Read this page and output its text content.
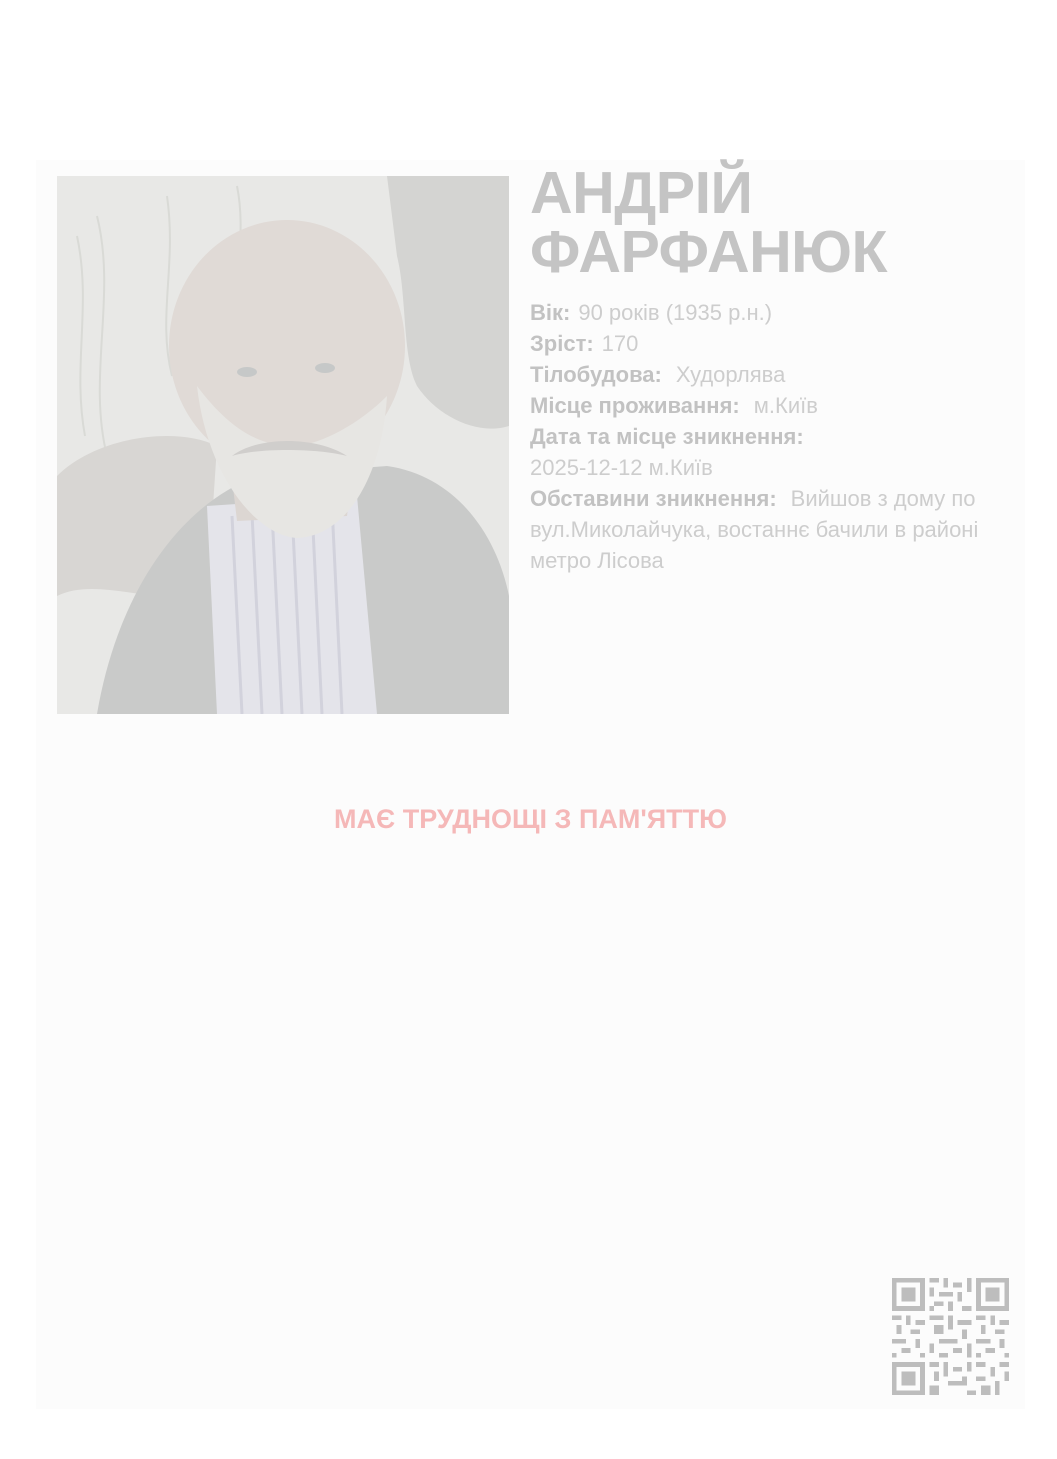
АНДРІЙ
ФАРФАНЮК

Вік: 90 років (1935 р.н.)

Зріст: 170

Тілобудова: Худорлява

Місце проживання: м.Київ

Дата та місце зникнення:
2025-12-12 м.Київ

Обставини зникнення: Вийшов з дому по вул.Миколайчука, востаннє бачили в районі метро Лісова

МАЄ ТРУДНОЩІ З ПАМ'ЯТТЮ
